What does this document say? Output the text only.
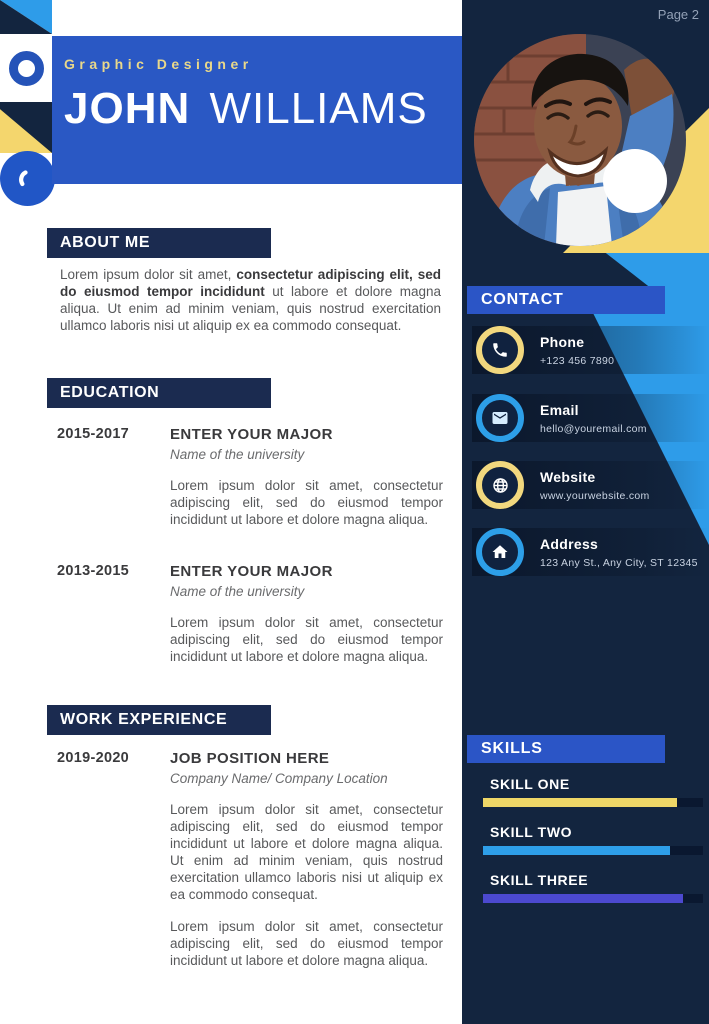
Graphic Designer
JOHN WILLIAMS
ABOUT ME

Lorem ipsum dolor sit amet, consectetur adipiscing elit, sed do eiusmod tempor incididunt ut labore et dolore magna aliqua. Ut enim ad minim veniam, quis nostrud exercitation ullamco laboris nisi ut aliquip ex ea commodo consequat.

EDUCATION
2015-2017	ENTER YOUR MAJOR
Name of the university
Lorem ipsum dolor sit amet, consectetur adipiscing elit, sed do eiusmod tempor incididunt ut labore et dolore magna aliqua.
2013-2015	ENTER YOUR MAJOR
Name of the university
Lorem ipsum dolor sit amet, consectetur adipiscing elit, sed do eiusmod tempor incididunt ut labore et dolore magna aliqua.
WORK EXPERIENCE
2019-2020	JOB POSITION HERE
Company Name/ Company Location
Lorem ipsum dolor sit amet, consectetur adipiscing elit, sed do eiusmod tempor incididunt ut labore et dolore magna aliqua. Ut enim ad minim veniam, quis nostrud exercitation ullamco laboris nisi ut aliquip ex ea commodo consequat.
Lorem ipsum dolor sit amet, consectetur adipiscing elit, sed do eiusmod tempor incididunt ut labore et dolore magna aliqua.
Page 2
CONTACT
Phone
+123 456 7890
Email
hello@youremail.com
Website
www.yourwebsite.com
Address
123 Any St., Any City, ST 12345
SKILLS
SKILL ONE
SKILL TWO
SKILL THREE
